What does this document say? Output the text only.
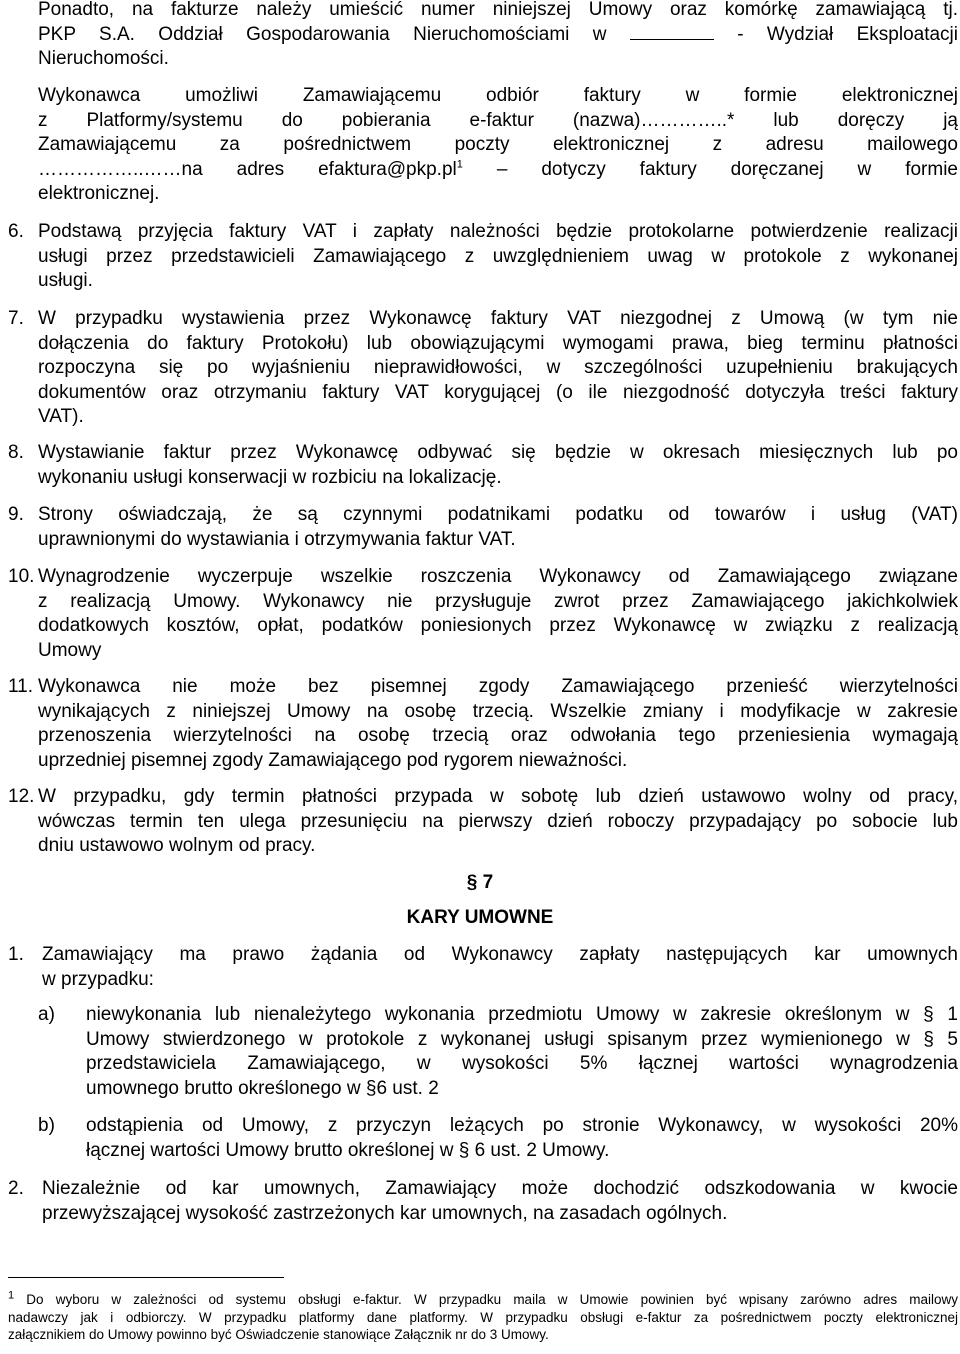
Ponadto, na fakturze należy umieścić numer niniejszej Umowy oraz komórkę zamawiającą tj.
PKP S.A. Oddział Gospodarowania Nieruchomościami w	- Wydział Eksploatacji
Nieruchomości.
Wykonawca umożliwi Zamawiającemu odbiór faktury w formie elektronicznej
z Platformy/systemu do pobierania e-faktur (nazwa)…………..* lub doręczy ją
Zamawiającemu za pośrednictwem poczty elektronicznej z adresu mailowego
……………..……na adres $efaktura@pkp.pl^1$ – dotyczy faktury doręczanej w formie
elektronicznej.
6. Podstawą przyjęcia faktury VAT i zapłaty należności będzie protokolarne potwierdzenie realizacji
usługi przez przedstawicieli Zamawiającego z uwzględnieniem uwag w protokole z wykonanej
usługi.
7. W przypadku wystawienia przez Wykonawcę faktury VAT niezgodnej z Umową (w tym nie
dołączenia do faktury Protokołu) lub obowiązującymi wymogami prawa, bieg terminu płatności
rozpoczyna się po wyjaśnieniu nieprawidłowości, w szczególności uzupełnieniu brakujących
dokumentów oraz otrzymaniu faktury VAT korygującej (o ile niezgodność dotyczyła treści faktury
VAT).
8. Wystawianie faktur przez Wykonawcę odbywać się będzie w okresach miesięcznych lub po
wykonaniu usługi konserwacji w rozbiciu na lokalizację.
9. Strony oświadczają, że są czynnymi podatnikami podatku od towarów i usług (VAT)
uprawnionymi do wystawiania i otrzymywania faktur VAT.
10. Wynagrodzenie wyczerpuje wszelkie roszczenia Wykonawcy od Zamawiającego związane
z realizacją Umowy. Wykonawcy nie przysługuje zwrot przez Zamawiającego jakichkolwiek
dodatkowych kosztów, opłat, podatków poniesionych przez Wykonawcę w związku z realizacją
Umowy
11. Wykonawca nie może bez pisemnej zgody Zamawiającego przenieść wierzytelności
wynikających z niniejszej Umowy na osobę trzecią. Wszelkie zmiany i modyfikacje w zakresie
przenoszenia wierzytelności na osobę trzecią oraz odwołania tego przeniesienia wymagają
uprzedniej pisemnej zgody Zamawiającego pod rygorem nieważności.
12. W przypadku, gdy termin płatności przypada w sobotę lub dzień ustawowo wolny od pracy,
wówczas termin ten ulega przesunięciu na pierwszy dzień roboczy przypadający po sobocie lub
dniu ustawowo wolnym od pracy.
§ 7
KARY UMOWNE
1. Zamawiający ma prawo żądania od Wykonawcy zapłaty następujących kar umownych
w przypadku:
a) niewykonania lub nienależytego wykonania przedmiotu Umowy w zakresie określonym w § 1
Umowy stwierdzonego w protokole z wykonanej usługi spisanym przez wymienionego w § 5
przedstawiciela Zamawiającego, w wysokości 5% łącznej wartości wynagrodzenia
umownego brutto określonego w §6 ust. 2
b) odstąpienia od Umowy, z przyczyn leżących po stronie Wykonawcy, w wysokości 20%
łącznej wartości Umowy brutto określonej w § 6 ust. 2 Umowy.
2. Niezależnie od kar umownych, Zamawiający może dochodzić odszkodowania w kwocie
przewyższającej wysokość zastrzeżonych kar umownych, na zasadach ogólnych.
$^1$ Do wyboru w zależności od systemu obsługi e-faktur. W przypadku maila w Umowie powinien być wpisany zarówno adres mailowy
nadawczy jak i odbiorczy. W przypadku platformy dane platformy. W przypadku obsługi e-faktur za pośrednictwem poczty elektronicznej
załącznikiem do Umowy powinno być Oświadczenie stanowiące Załącznik nr do 3 Umowy.
